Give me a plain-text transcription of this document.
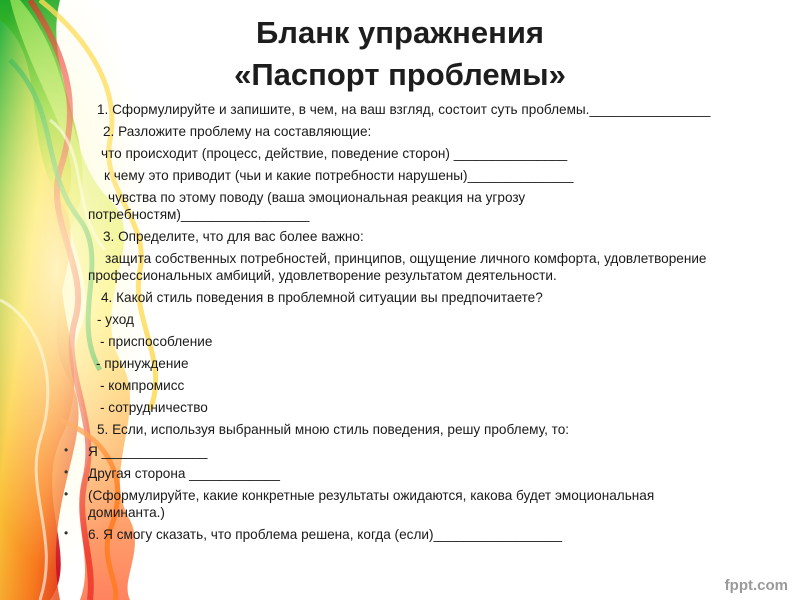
Бланк упражнения
«Паспорт проблемы»
1. Сформулируйте и запишите, в чем, на ваш взгляд, состоит суть проблемы.________________
2. Разложите проблему на составляющие:
что происходит (процесс, действие, поведение сторон) _______________
к чему это приводит (чьи и какие потребности нарушены)______________
чувства по этому поводу (ваша эмоциональная реакция на угрозу
потребностям)_________________
3. Определите, что для вас более важно:
защита собственных потребностей, принципов, ощущение личного комфорта, удовлетворение
профессиональных амбиций, удовлетворение результатом деятельности.
4. Какой стиль поведения в проблемной ситуации вы предпочитаете?
- уход
- приспособление
- принуждение
- компромисс
- сотрудничество
5. Если, используя выбранный мною стиль поведения, решу проблему, то:
• Я ______________
• Другая сторона ____________
• (Сформулируйте, какие конкретные результаты ожидаются, какова будет эмоциональная
доминанта.)
• 6. Я смогу сказать, что проблема решена, когда (если)_________________
fppt.com
